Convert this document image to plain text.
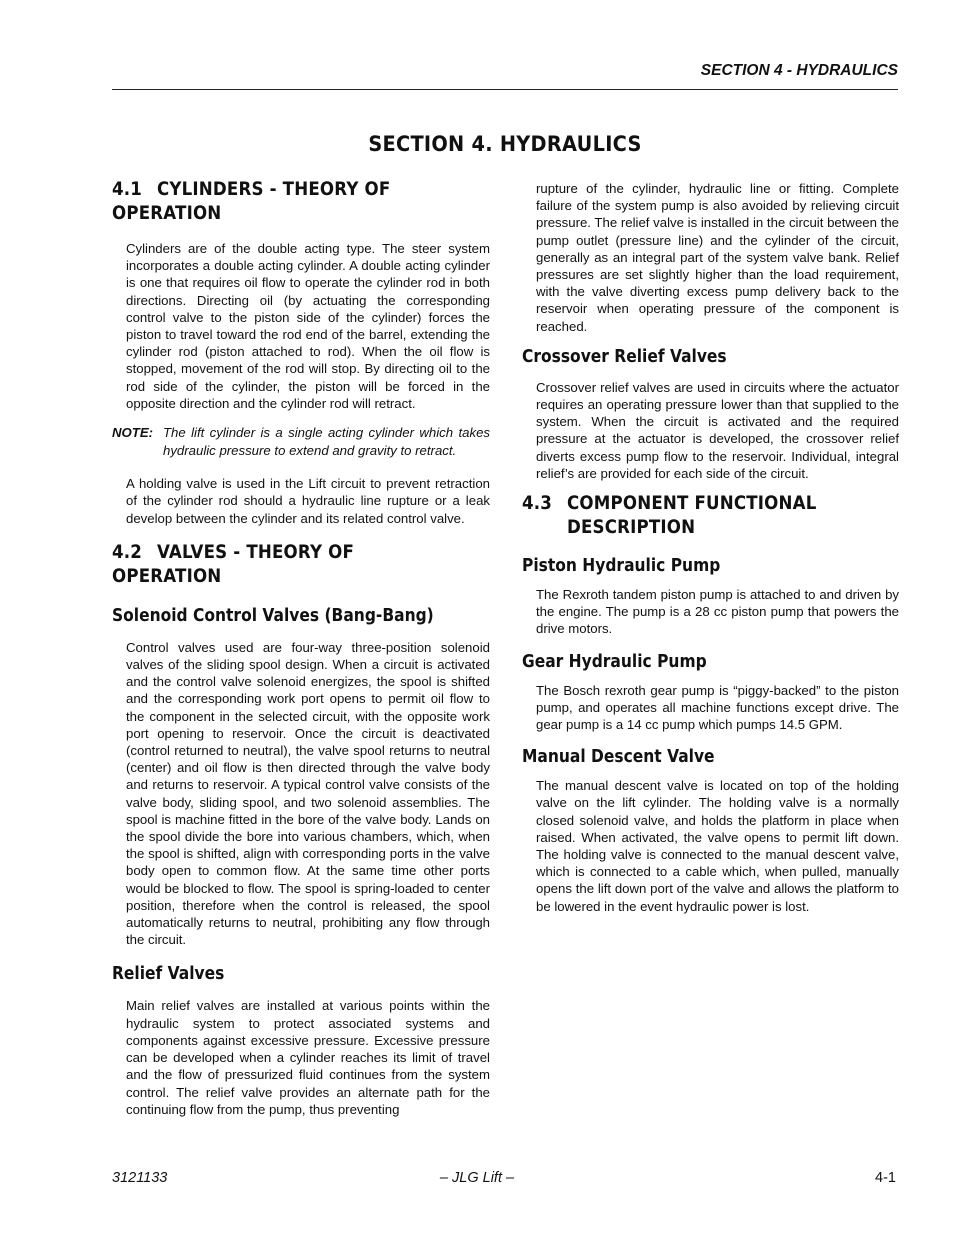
SECTION 4 - HYDRAULICS
SECTION 4. HYDRAULICS
4.1 CYLINDERS - THEORY OF OPERATION

Cylinders are of the double acting type. The steer system incorporates a double acting cylinder. A double acting cylinder is one that requires oil flow to operate the cylinder rod in both directions. Directing oil (by actuating the corresponding control valve to the piston side of the cylinder) forces the piston to travel toward the rod end of the barrel, extending the cylinder rod (piston attached to rod). When the oil flow is stopped, movement of the rod will stop. By directing oil to the rod side of the cylinder, the piston will be forced in the opposite direction and the cylinder rod will retract.

NOTE: The lift cylinder is a single acting cylinder which takes hydraulic pressure to extend and gravity to retract.

A holding valve is used in the Lift circuit to prevent retraction of the cylinder rod should a hydraulic line rupture or a leak develop between the cylinder and its related control valve.

4.2 VALVES - THEORY OF OPERATION
Solenoid Control Valves (Bang-Bang)

Control valves used are four-way three-position solenoid valves of the sliding spool design. When a circuit is activated and the control valve solenoid energizes, the spool is shifted and the corresponding work port opens to permit oil flow to the component in the selected circuit, with the opposite work port opening to reservoir. Once the circuit is deactivated (control returned to neutral), the valve spool returns to neutral (center) and oil flow is then directed through the valve body and returns to reservoir. A typical control valve consists of the valve body, sliding spool, and two solenoid assemblies. The spool is machine fitted in the bore of the valve body. Lands on the spool divide the bore into various chambers, which, when the spool is shifted, align with corresponding ports in the valve body open to common flow. At the same time other ports would be blocked to flow. The spool is spring-loaded to center position, therefore when the control is released, the spool automatically returns to neutral, prohibiting any flow through the circuit.

Relief Valves

Main relief valves are installed at various points within the hydraulic system to protect associated systems and components against excessive pressure. Excessive pressure can be developed when a cylinder reaches its limit of travel and the flow of pressurized fluid continues from the system control. The relief valve provides an alternate path for the continuing flow from the pump, thus preventing

rupture of the cylinder, hydraulic line or fitting. Complete failure of the system pump is also avoided by relieving circuit pressure. The relief valve is installed in the circuit between the pump outlet (pressure line) and the cylinder of the circuit, generally as an integral part of the system valve bank. Relief pressures are set slightly higher than the load requirement, with the valve diverting excess pump delivery back to the reservoir when operating pressure of the component is reached.

Crossover Relief Valves

Crossover relief valves are used in circuits where the actuator requires an operating pressure lower than that supplied to the system. When the circuit is activated and the required pressure at the actuator is developed, the crossover relief diverts excess pump flow to the reservoir. Individual, integral relief’s are provided for each side of the circuit.

4.3 COMPONENT FUNCTIONAL DESCRIPTION
Piston Hydraulic Pump

The Rexroth tandem piston pump is attached to and driven by the engine. The pump is a 28 cc piston pump that powers the drive motors.

Gear Hydraulic Pump

The Bosch rexroth gear pump is “piggy-backed” to the piston pump, and operates all machine functions except drive. The gear pump is a 14 cc pump which pumps 14.5 GPM.

Manual Descent Valve

The manual descent valve is located on top of the holding valve on the lift cylinder. The holding valve is a normally closed solenoid valve, and holds the platform in place when raised. When activated, the valve opens to permit lift down. The holding valve is connected to the manual descent valve, which is connected to a cable which, when pulled, manually opens the lift down port of the valve and allows the platform to be lowered in the event hydraulic power is lost.

3121133	– JLG Lift –	4-1
